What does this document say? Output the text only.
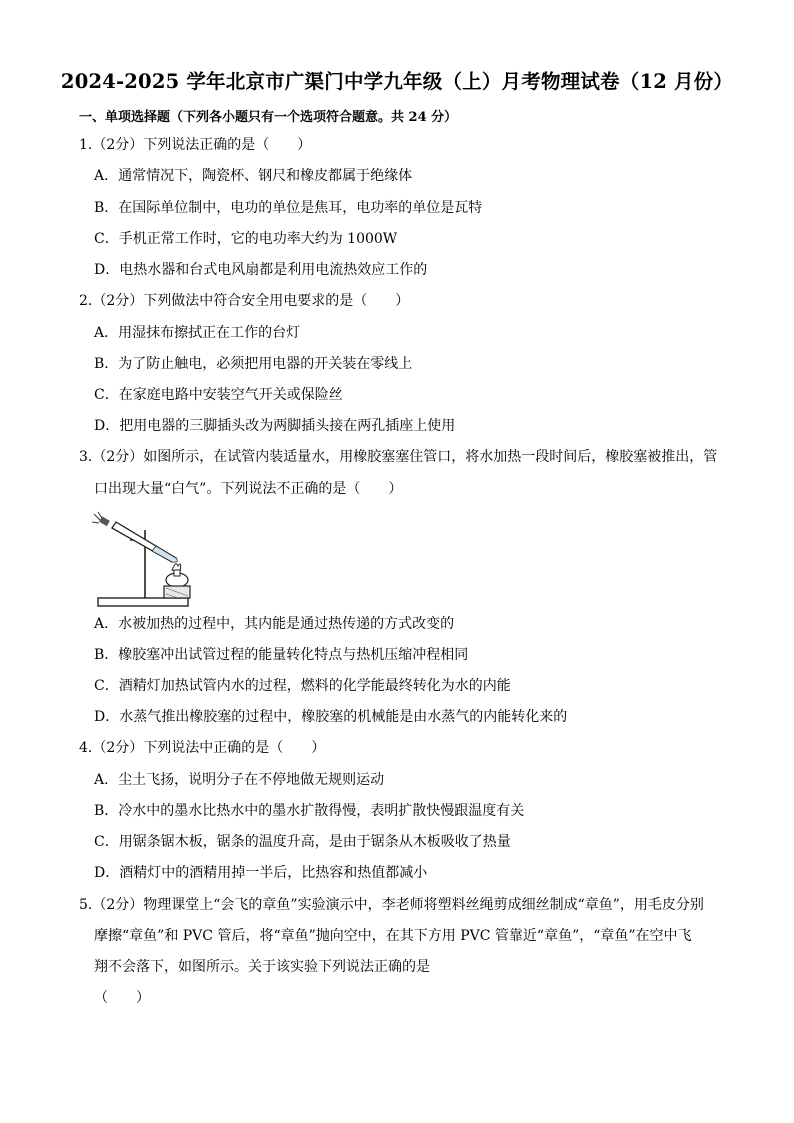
2024-2025 学年北京市广渠门中学九年级（上）月考物理试卷（12 月份）
一、单项选择题（下列各小题只有一个选项符合题意。共 24 分）
1.（2分）下列说法正确的是（　　）
A．通常情况下，陶瓷杯、钢尺和橡皮都属于绝缘体
B．在国际单位制中，电功的单位是焦耳，电功率的单位是瓦特
C．手机正常工作时，它的电功率大约为 1000W
D．电热水器和台式电风扇都是利用电流热效应工作的
2.（2分）下列做法中符合安全用电要求的是（　　）
A．用湿抹布擦拭正在工作的台灯
B．为了防止触电，必须把用电器的开关装在零线上
C．在家庭电路中安装空气开关或保险丝
D．把用电器的三脚插头改为两脚插头接在两孔插座上使用
3.（2分）如图所示，在试管内装适量水，用橡胶塞塞住管口，将水加热一段时间后，橡胶塞被推出，管
口出现大量“白气”。下列说法不正确的是（　　）
A．水被加热的过程中，其内能是通过热传递的方式改变的
B．橡胶塞冲出试管过程的能量转化特点与热机压缩冲程相同
C．酒精灯加热试管内水的过程，燃料的化学能最终转化为水的内能
D．水蒸气推出橡胶塞的过程中，橡胶塞的机械能是由水蒸气的内能转化来的
4.（2分）下列说法中正确的是（　　）
A．尘土飞扬，说明分子在不停地做无规则运动
B．冷水中的墨水比热水中的墨水扩散得慢，表明扩散快慢跟温度有关
C．用锯条锯木板，锯条的温度升高，是由于锯条从木板吸收了热量
D．酒精灯中的酒精用掉一半后，比热容和热值都减小
5.（2分）物理课堂上“会飞的章鱼”实验演示中，李老师将塑料丝绳剪成细丝制成“章鱼”，用毛皮分别
摩擦“章鱼”和 PVC 管后，将“章鱼”抛向空中，在其下方用 PVC 管靠近“章鱼”，“章鱼”在空中飞
翔不会落下，如图所示。关于该实验下列说法正确的是
（　　）
